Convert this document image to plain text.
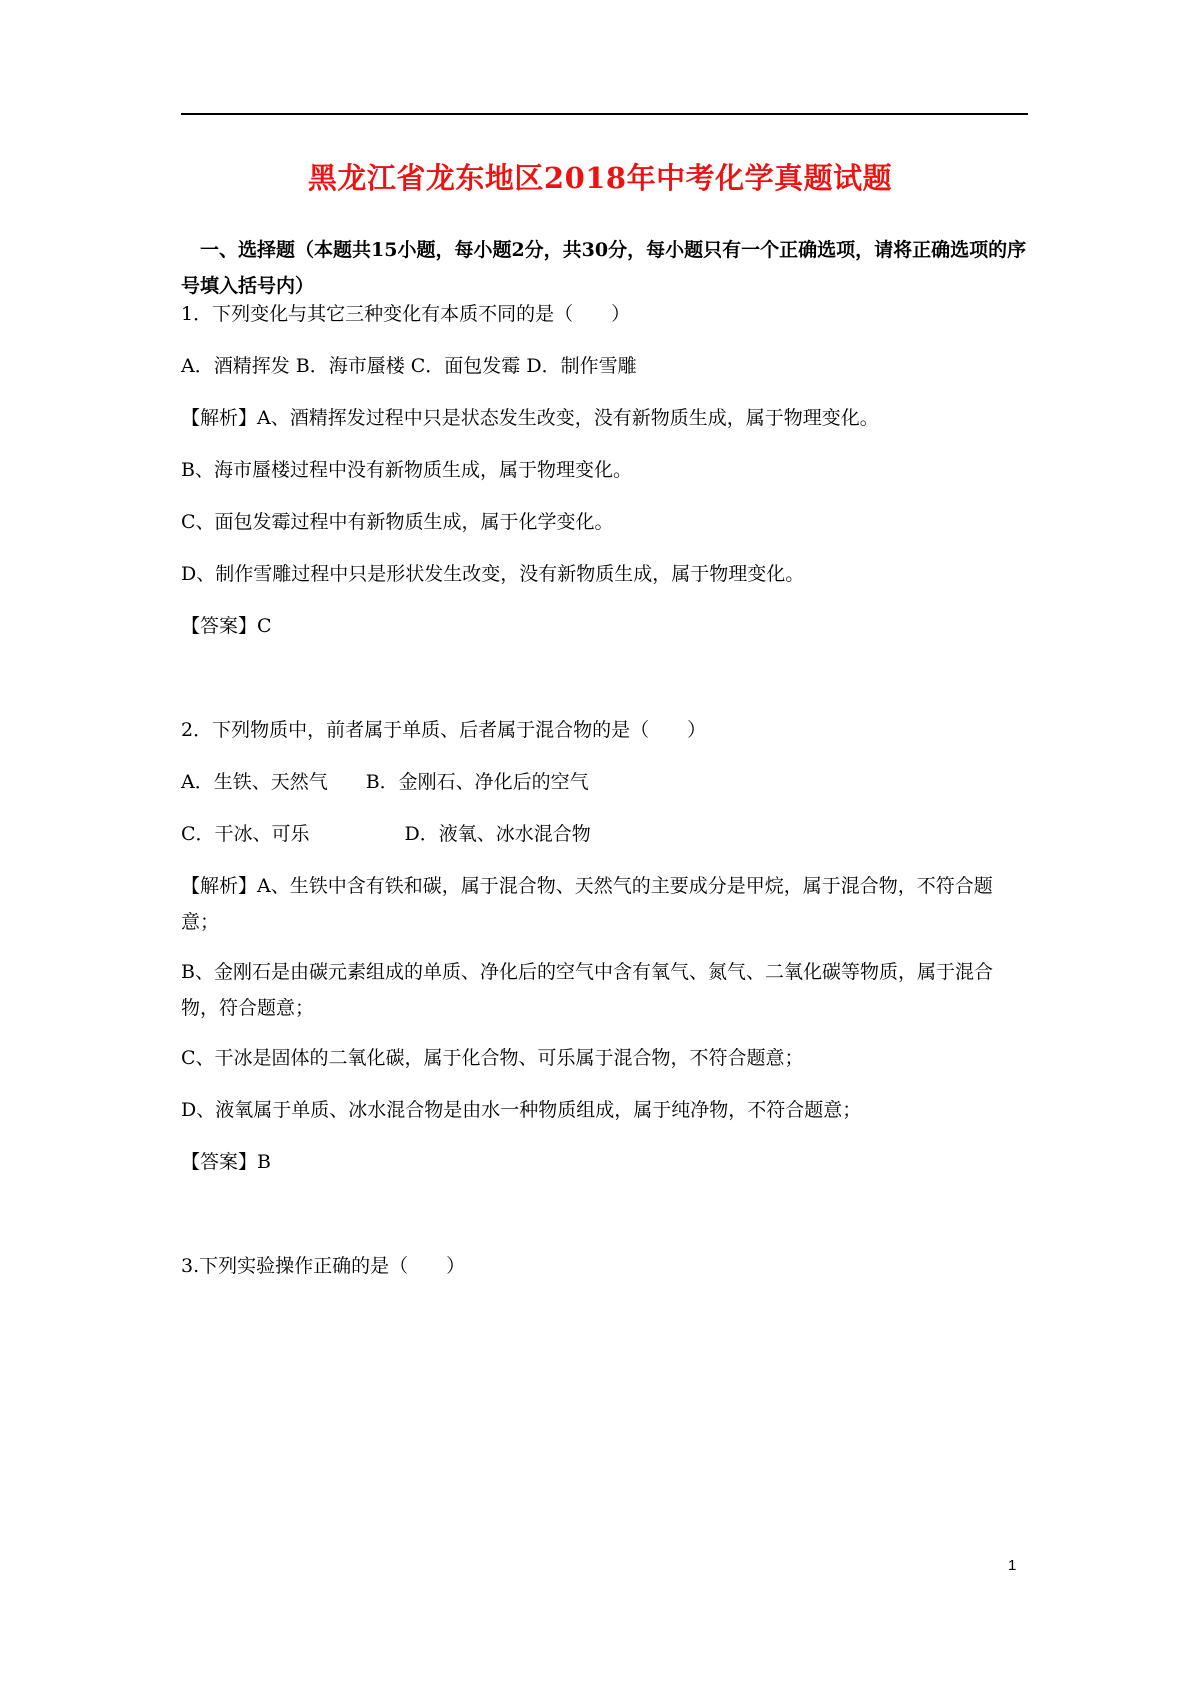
黑龙江省龙东地区2018年中考化学真题试题
一、选择题（本题共15小题，每小题2分，共30分，每小题只有一个正确选项，请将正确选项的序号填入括号内）
1．下列变化与其它三种变化有本质不同的是（　　）
A．酒精挥发 B．海市蜃楼 C．面包发霉 D．制作雪雕
【解析】A、酒精挥发过程中只是状态发生改变，没有新物质生成，属于物理变化。
B、海市蜃楼过程中没有新物质生成，属于物理变化。
C、面包发霉过程中有新物质生成，属于化学变化。
D、制作雪雕过程中只是形状发生改变，没有新物质生成，属于物理变化。
【答案】C
2．下列物质中，前者属于单质、后者属于混合物的是（　　）
A．生铁、天然气　　B．金刚石、净化后的空气
C．干冰、可乐　　　　　D．液氧、冰水混合物
【解析】A、生铁中含有铁和碳，属于混合物、天然气的主要成分是甲烷，属于混合物，不符合题意；
B、金刚石是由碳元素组成的单质、净化后的空气中含有氧气、氮气、二氧化碳等物质，属于混合物，符合题意；
C、干冰是固体的二氧化碳，属于化合物、可乐属于混合物，不符合题意；
D、液氧属于单质、冰水混合物是由水一种物质组成，属于纯净物，不符合题意；
【答案】B
3.下列实验操作正确的是（　　）
1
